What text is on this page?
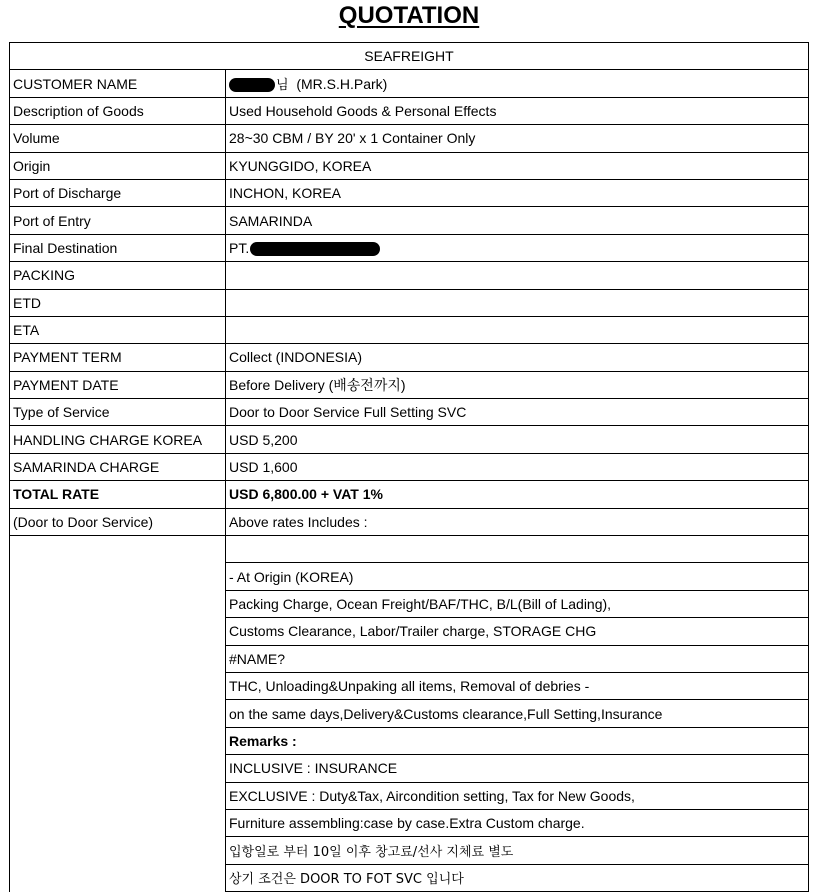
QUOTATION
SEAFREIGHT	
CUSTOMER NAME	님 (MR.S.H.Park)
Description of Goods	Used Household Goods & Personal Effects
Volume	28~30 CBM / BY 20' x 1 Container Only
Origin	KYUNGGIDO, KOREA
Port of Discharge	INCHON, KOREA
Port of Entry	SAMARINDA
Final Destination	PT.
PACKING	
ETD	
ETA	
PAYMENT TERM	Collect (INDONESIA)
PAYMENT DATE	Before Delivery (배송전까지)
Type of Service	Door to Door Service Full Setting SVC
HANDLING CHARGE KOREA	USD 5,200
SAMARINDA CHARGE	USD 1,600
TOTAL RATE	USD 6,800.00 + VAT 1%
(Door to Door Service)	Above rates Includes :

	- At Origin (KOREA)
	Packing Charge, Ocean Freight/BAF/THC, B/L(Bill of Lading),
	Customs Clearance, Labor/Trailer charge, STORAGE CHG
	#NAME?
	THC, Unloading&Unpaking all items, Removal of debries -
	on the same days,Delivery&Customs clearance,Full Setting,Insurance
	Remarks :
	INCLUSIVE : INSURANCE
	EXCLUSIVE : Duty&Tax, Aircondition setting, Tax for New Goods,
	Furniture assembling:case by case.Extra Custom charge.
	입항일로 부터 10일 이후 창고료/선사 지체료 별도
	상기 조건은 DOOR TO FOT SVC 입니다
